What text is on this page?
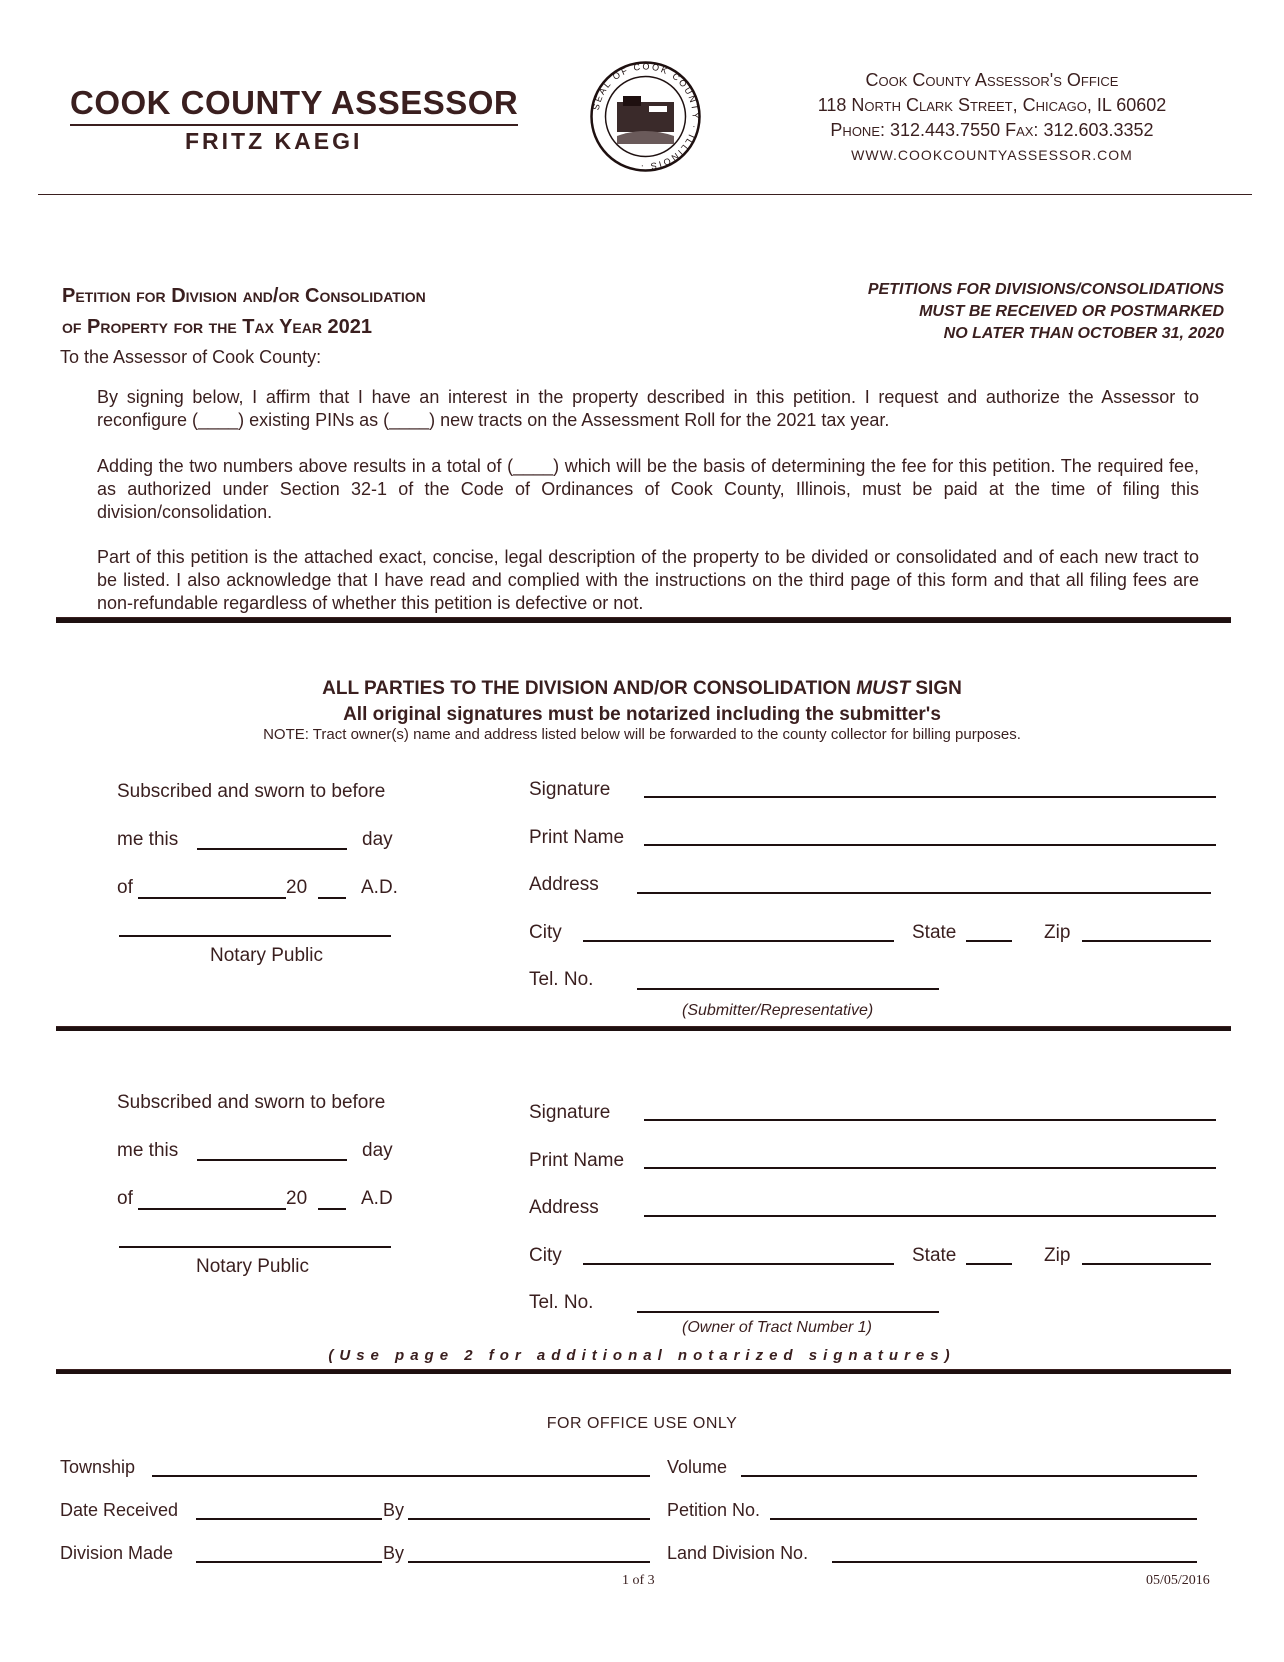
COOK COUNTY ASSESSOR
FRITZ KAEGI
SEAL OF COOK COUNTY · ILLINOIS ·
Cook County Assessor's Office
118 North Clark Street, Chicago, IL 60602
Phone: 312.443.7550 Fax: 312.603.3352
WWW.COOKCOUNTYASSESSOR.COM
Petition for Division and/or Consolidation
of Property for the Tax Year 2021
PETITIONS FOR DIVISIONS/CONSOLIDATIONS
MUST BE RECEIVED OR POSTMARKED
NO LATER THAN OCTOBER 31, 2020
To the Assessor of Cook County:
By signing below, I affirm that I have an interest in the property described in this petition. I request and authorize the Assessor to reconfigure (____) existing PINs as (____) new tracts on the Assessment Roll for the 2021 tax year.
Adding the two numbers above results in a total of (____) which will be the basis of determining the fee for this petition. The required fee, as authorized under Section 32-1 of the Code of Ordinances of Cook County, Illinois, must be paid at the time of filing this division/consolidation.
Part of this petition is the attached exact, concise, legal description of the property to be divided or consolidated and of each new tract to be listed. I also acknowledge that I have read and complied with the instructions on the third page of this form and that all filing fees are non-refundable regardless of whether this petition is defective or not.
ALL PARTIES TO THE DIVISION AND/OR CONSOLIDATION MUST SIGN
All original signatures must be notarized including the submitter's
NOTE: Tract owner(s) name and address listed below will be forwarded to the county collector for billing purposes.
Subscribed and sworn to before
me this	day
of	20	A.D.
Notary Public
Signature
Print Name
Address
City	State	Zip
Tel. No.
(Submitter/Representative)
Subscribed and sworn to before
me this	day
of	20	A.D
Notary Public
Signature
Print Name
Address
City	State	Zip
Tel. No.
(Owner of Tract Number 1)
(Use page 2 for additional notarized signatures)
FOR OFFICE USE ONLY
Township	Volume
Date Received	By	Petition No.
Division Made	By	Land Division No.
1 of 3	05/05/2016
